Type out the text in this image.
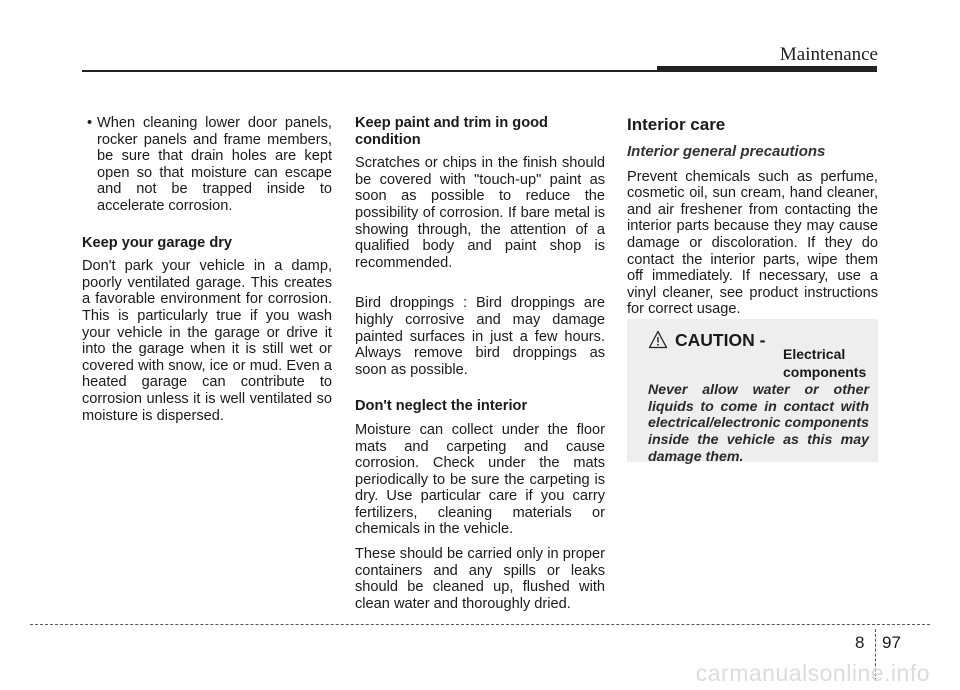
Maintenance

• When cleaning lower door panels, rocker panels and frame members, be sure that drain holes are kept open so that moisture can escape and not be trapped inside to accelerate corrosion.

Keep your garage dry

Don't park your vehicle in a damp, poorly ventilated garage. This creates a favorable environment for corrosion. This is particularly true if you wash your vehicle in the garage or drive it into the garage when it is still wet or covered with snow, ice or mud. Even a heated garage can contribute to corrosion unless it is well ventilated so moisture is dispersed.

Keep paint and trim in good condition

Scratches or chips in the finish should be covered with "touch-up" paint as soon as possible to reduce the possibility of corrosion. If bare metal is showing through, the attention of a qualified body and paint shop is recommended.

Bird droppings : Bird droppings are highly corrosive and may damage painted surfaces in just a few hours. Always remove bird droppings as soon as possible.

Don't neglect the interior

Moisture can collect under the floor mats and carpeting and cause corrosion. Check under the mats periodically to be sure the carpeting is dry. Use particular care if you carry fertilizers, cleaning materials or chemicals in the vehicle.

These should be carried only in proper containers and any spills or leaks should be cleaned up, flushed with clean water and thoroughly dried.

Interior care

Interior general precautions

Prevent chemicals such as perfume, cosmetic oil, sun cream, hand cleaner, and air freshener from contacting the interior parts because they may cause damage or discoloration. If they do contact the interior parts, wipe them off immediately. If necessary, use a vinyl cleaner, see product instructions for correct usage.

CAUTION -
Electrical components

Never allow water or other liquids to come in contact with electrical/electronic components inside the vehicle as this may damage them.

8 97
carmanualsonline.info
